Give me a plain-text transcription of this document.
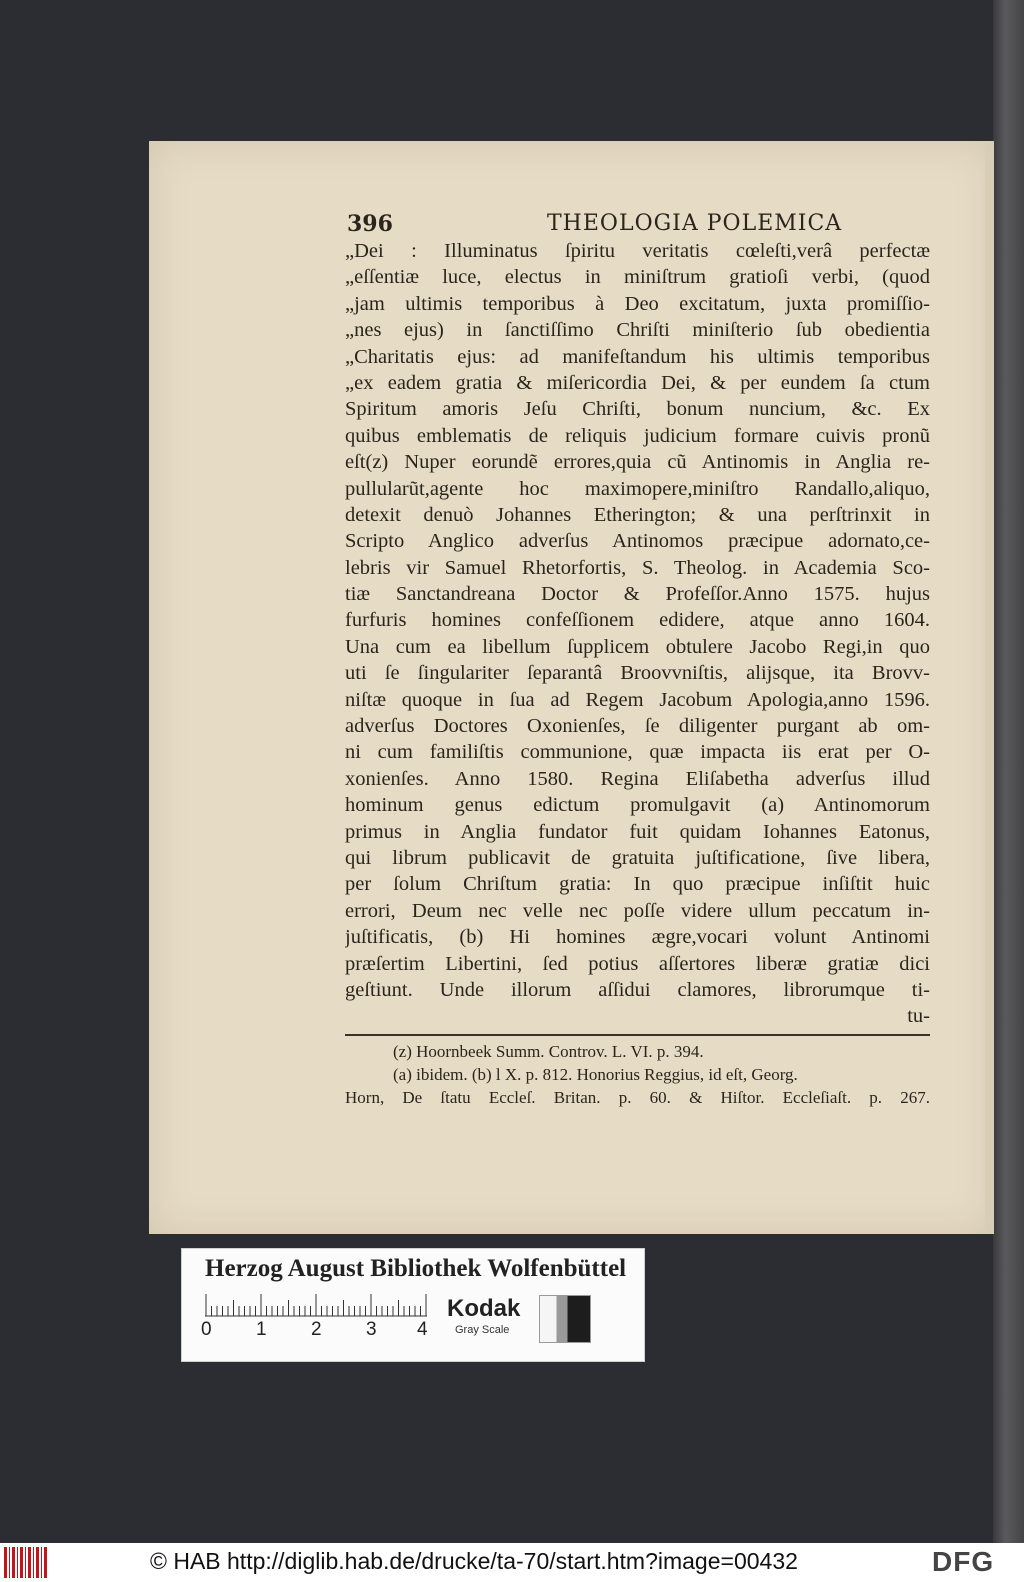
396	THEOLOGIA POLEMICA
„Dei : Illuminatus ſpiritu veritatis cœleſti,verâ perfectæ
„eſſentiæ luce, electus in miniſtrum gratioſi verbi, (quod
„jam ultimis temporibus à Deo excitatum, juxta promiſſio-
„nes ejus) in ſanctiſſimo Chriſti miniſterio ſub obedientia
„Charitatis ejus: ad manifeſtandum his ultimis temporibus
„ex eadem gratia & miſericordia Dei, & per eundem ſa ctum
Spiritum amoris Jeſu Chriſti, bonum nuncium, &c. Ex
quibus emblematis de reliquis judicium formare cuivis pronũ
eſt(z) Nuper eorundẽ errores,quia cũ Antinomis in Anglia re-
pullularũt,agente hoc maximopere,miniſtro Randallo,aliquo,
detexit denuò Johannes Etherington; & una perſtrinxit in
Scripto Anglico adverſus Antinomos præcipue adornato,ce-
lebris vir Samuel Rhetorfortis, S. Theolog. in Academia Sco-
tiæ Sanctandreana Doctor & Profeſſor.Anno 1575. hujus
furfuris homines confeſſionem edidere, atque anno 1604.
Una cum ea libellum ſupplicem obtulere Jacobo Regi,in quo
uti ſe ſingulariter ſeparantâ Broovvniſtis, alijsque, ita Brovv-
niſtæ quoque in ſua ad Regem Jacobum Apologia,anno 1596.
adverſus Doctores Oxonienſes, ſe diligenter purgant ab om-
ni cum familiſtis communione, quæ impacta iis erat per O-
xonienſes. Anno 1580. Regina Eliſabetha adverſus illud
hominum genus edictum promulgavit (a) Antinomorum
primus in Anglia fundator fuit quidam Iohannes Eatonus,
qui librum publicavit de gratuita juſtificatione, ſive libera,
per ſolum Chriſtum gratia: In quo præcipue inſiſtit huic
errori, Deum nec velle nec poſſe videre ullum peccatum in-
juſtificatis, (b) Hi homines ægre,vocari volunt Antinomi
præſertim Libertini, ſed potius aſſertores liberæ gratiæ dici
geſtiunt. Unde illorum aſſidui clamores, librorumque ti-
tu-
(z) Hoornbeek Summ. Controv. L. VI. p. 394.
(a) ibidem. (b) l X. p. 812. Honorius Reggius, id eſt, Georg.
Horn, De ſtatu Eccleſ. Britan. p. 60. & Hiſtor. Eccleſiaſt. p. 267.
Herzog August Bibliothek Wolfenbüttel
0 1 2 3 4
Kodak
Gray Scale
© HAB http://diglib.hab.de/drucke/ta-70/start.htm?image=00432	DFG
